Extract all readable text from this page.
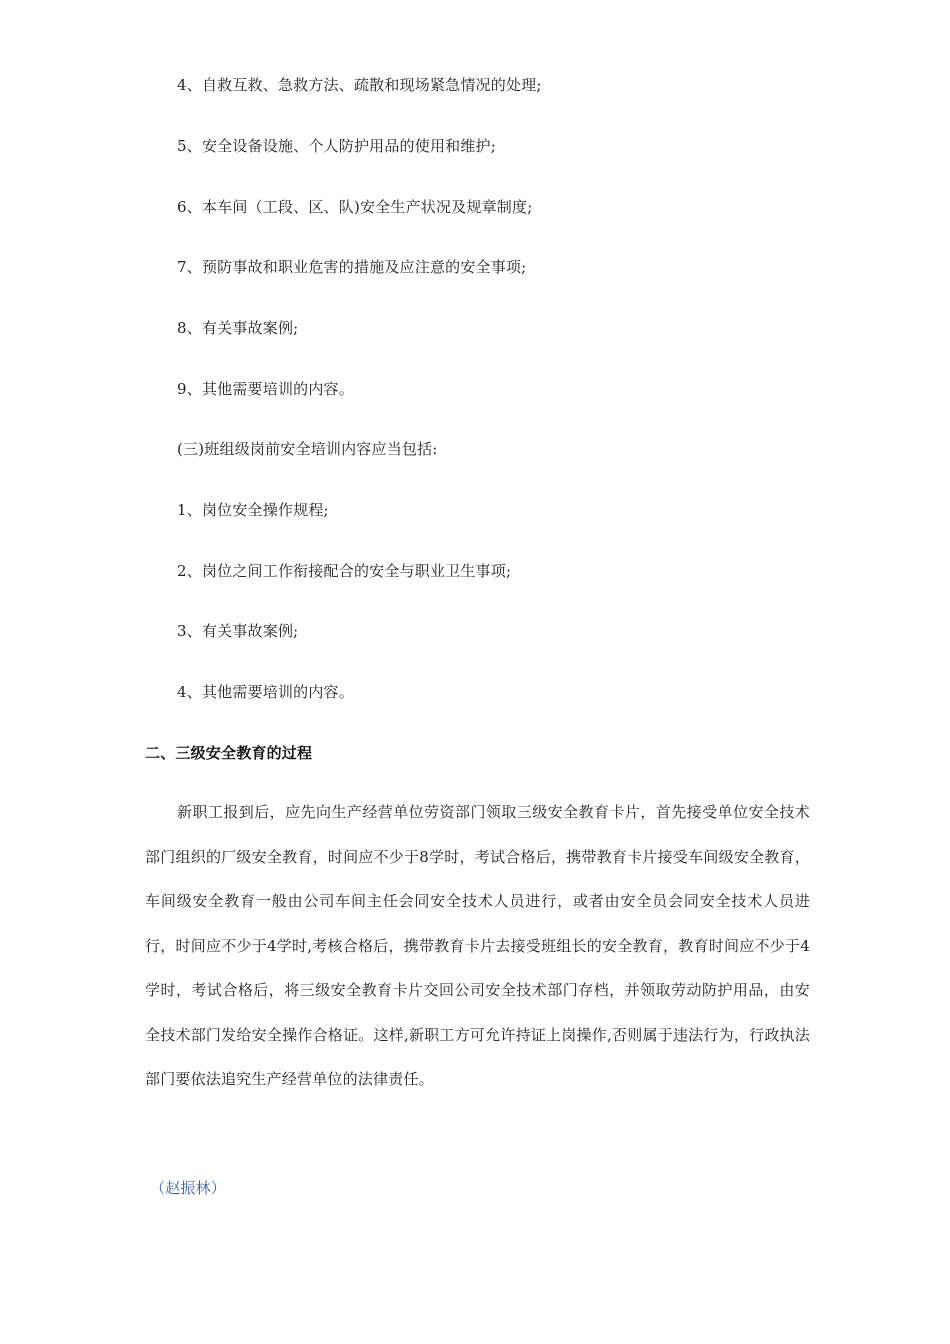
4、自救互救、急救方法、疏散和现场紧急情况的处理;
5、安全设备设施、个人防护用品的使用和维护;
6、本车间（工段、区、队)安全生产状况及规章制度;
7、预防事故和职业危害的措施及应注意的安全事项;
8、有关事故案例;
9、其他需要培训的内容。
(三)班组级岗前安全培训内容应当包括:
1、岗位安全操作规程;
2、岗位之间工作衔接配合的安全与职业卫生事项;
3、有关事故案例;
4、其他需要培训的内容。
二、三级安全教育的过程
新职工报到后，应先向生产经营单位劳资部门领取三级安全教育卡片，首先接受单位安全技术部门组织的厂级安全教育，时间应不少于8学时，考试合格后，携带教育卡片接受车间级安全教育，车间级安全教育一般由公司车间主任会同安全技术人员进行，或者由安全员会同安全技术人员进行，时间应不少于4学时,考核合格后，携带教育卡片去接受班组长的安全教育，教育时间应不少于4学时，考试合格后，将三级安全教育卡片交回公司安全技术部门存档，并领取劳动防护用品，由安全技术部门发给安全操作合格证。这样,新职工方可允许持证上岗操作,否则属于违法行为，行政执法部门要依法追究生产经营单位的法律责任。
（赵振林）
